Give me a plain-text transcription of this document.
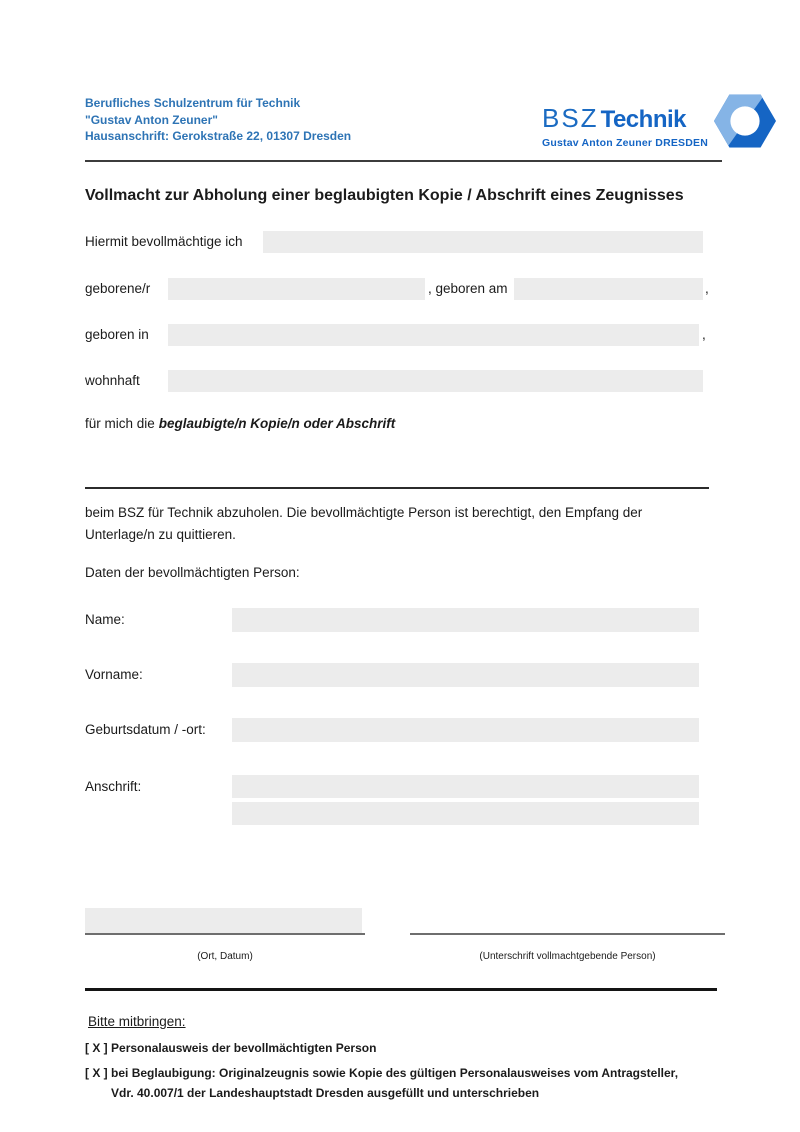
Berufliches Schulzentrum für Technik
"Gustav Anton Zeuner"
Hausanschrift: Gerokstraße 22, 01307 Dresden
BSZTechnik
Gustav Anton Zeuner DRESDEN
Vollmacht zur Abholung einer beglaubigten Kopie / Abschrift eines Zeugnisses
Hiermit bevollmächtige ich
geborene/r	, geboren am	,
geboren in	,
wohnhaft
für mich die beglaubigte/n Kopie/n oder Abschrift
beim BSZ für Technik abzuholen. Die bevollmächtigte Person ist berechtigt, den Empfang der
Unterlage/n zu quittieren.
Daten der bevollmächtigten Person:
Name:
Vorname:
Geburtsdatum / -ort:
Anschrift:
(Ort, Datum)	(Unterschrift vollmachtgebende Person)
Bitte mitbringen:
[ X ] Personalausweis der bevollmächtigten Person
[ X ] bei Beglaubigung: Originalzeugnis sowie Kopie des gültigen Personalausweises vom Antragsteller,
Vdr. 40.007/1 der Landeshauptstadt Dresden ausgefüllt und unterschrieben
